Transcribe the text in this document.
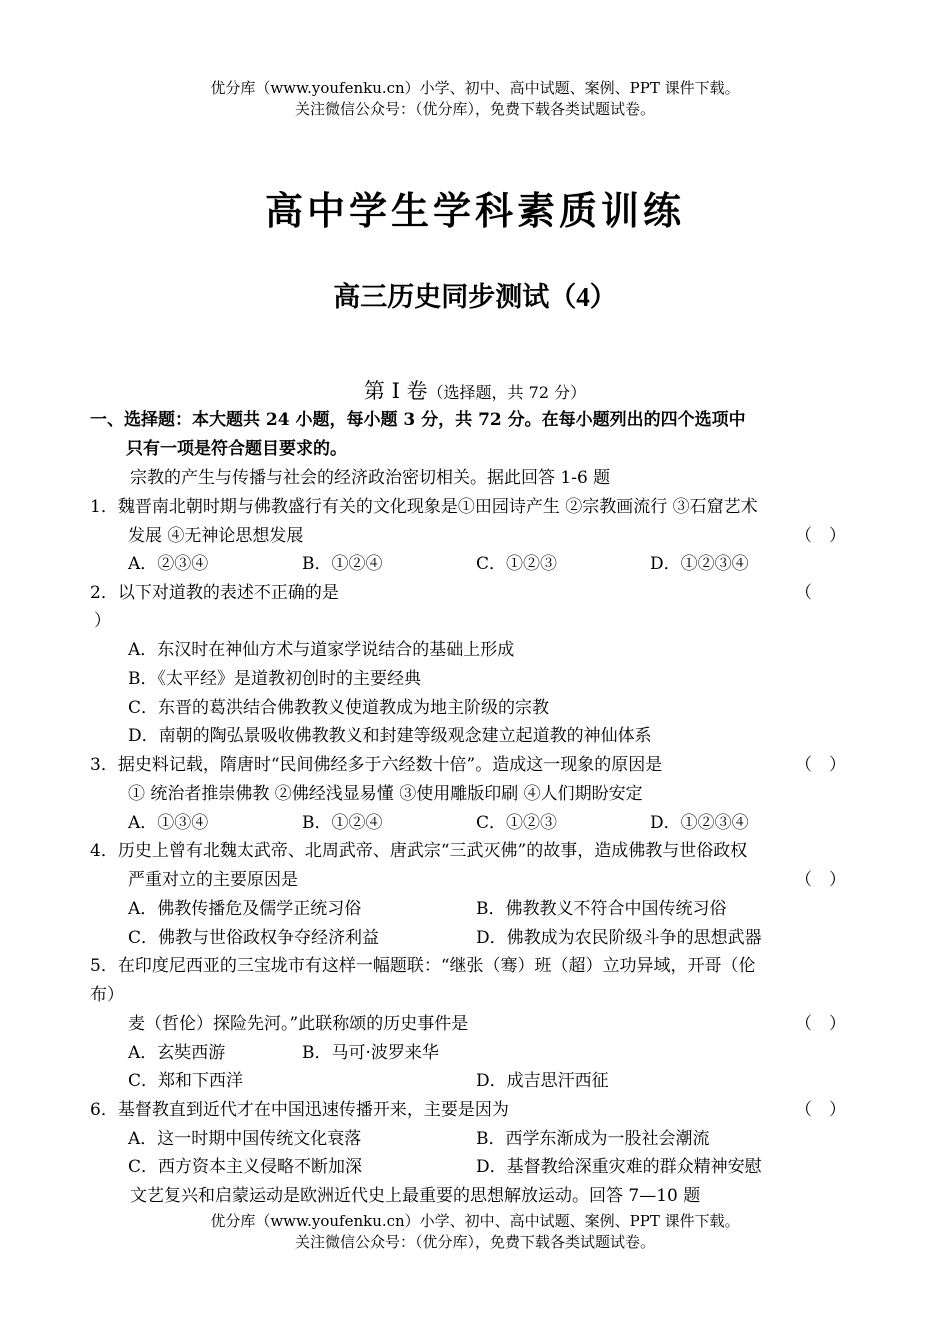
优分库（www.youfenku.cn）小学、初中、高中试题、案例、PPT 课件下载。
关注微信公众号：（优分库），免费下载各类试题试卷。
高中学生学科素质训练
高三历史同步测试（4）
第 I 卷（选择题，共 72 分）
一、选择题：本大题共 24 小题，每小题 3 分，共 72 分。在每小题列出的四个选项中
只有一项是符合题目要求的。
宗教的产生与传播与社会的经济政治密切相关。据此回答 1-6 题
1．魏晋南北朝时期与佛教盛行有关的文化现象是①田园诗产生 ②宗教画流行 ③石窟艺术
发展 ④无神论思想发展	（　）
A．②③④	B．①②④	C．①②③	D．①②③④
2．以下对道教的表述不正确的是	（
）
A．东汉时在神仙方术与道家学说结合的基础上形成
B．《太平经》是道教初创时的主要经典
C．东晋的葛洪结合佛教教义使道教成为地主阶级的宗教
D．南朝的陶弘景吸收佛教教义和封建等级观念建立起道教的神仙体系
3．据史料记载，隋唐时“民间佛经多于六经数十倍”。造成这一现象的原因是	（　）
① 统治者推崇佛教 ②佛经浅显易懂 ③使用雕版印刷 ④人们期盼安定
A．①③④	B．①②④	C．①②③	D．①②③④
4．历史上曾有北魏太武帝、北周武帝、唐武宗“三武灭佛”的故事，造成佛教与世俗政权
严重对立的主要原因是	（　）
A．佛教传播危及儒学正统习俗	B．佛教教义不符合中国传统习俗
C．佛教与世俗政权争夺经济利益	D．佛教成为农民阶级斗争的思想武器
5．在印度尼西亚的三宝垅市有这样一幅题联：“继张（骞）班（超）立功异域，开哥（伦
布）
麦（哲伦）探险先河。”此联称颂的历史事件是	（　）
A．玄奘西游	B．马可·波罗来华
C．郑和下西洋	D．成吉思汗西征
6．基督教直到近代才在中国迅速传播开来，主要是因为	（　）
A．这一时期中国传统文化衰落	B．西学东渐成为一股社会潮流
C．西方资本主义侵略不断加深	D．基督教给深重灾难的群众精神安慰
文艺复兴和启蒙运动是欧洲近代史上最重要的思想解放运动。回答 7—10 题
优分库（www.youfenku.cn）小学、初中、高中试题、案例、PPT 课件下载。
关注微信公众号：（优分库），免费下载各类试题试卷。
